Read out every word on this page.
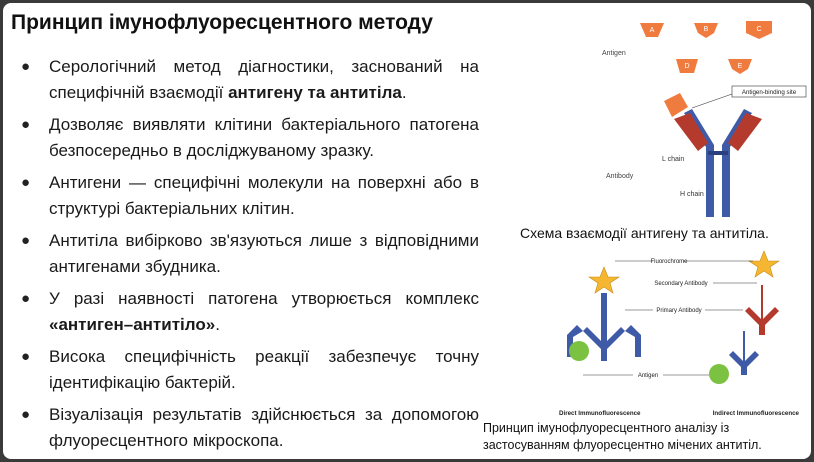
Принцип імунофлуоресцентного методу
● Серологічний метод діагностики, заснований на специфічній взаємодії антигену та антитіла.
● Дозволяє виявляти клітини бактеріального патогена безпосередньо в досліджуваному зразку.
● Антигени — специфічні молекули на поверхні або в структурі бактеріальних клітин.
● Антитіла вибірково зв'язуються лише з відповідними антигенами збудника.
● У разі наявності патогена утворюється комплекс «антиген–антитіло».
● Висока специфічність реакції забезпечує точну ідентифікацію бактерій.
● Візуалізація результатів здійснюється за допомогою флуоресцентного мікроскопа.
Antigen
A	B	C
D	E
Antigen-binding site
L chain
H chain
Antibody
Схема взаємодії антигену та антитіла.
Fluorochrome
Secondary Antibody
Primary Antibody
Antigen
Direct Immunofluorescence	Indirect Immunofluorescence
Принцип імунофлуоресцентного аналізу із застосуванням флуоресцентно мічених антитіл.
